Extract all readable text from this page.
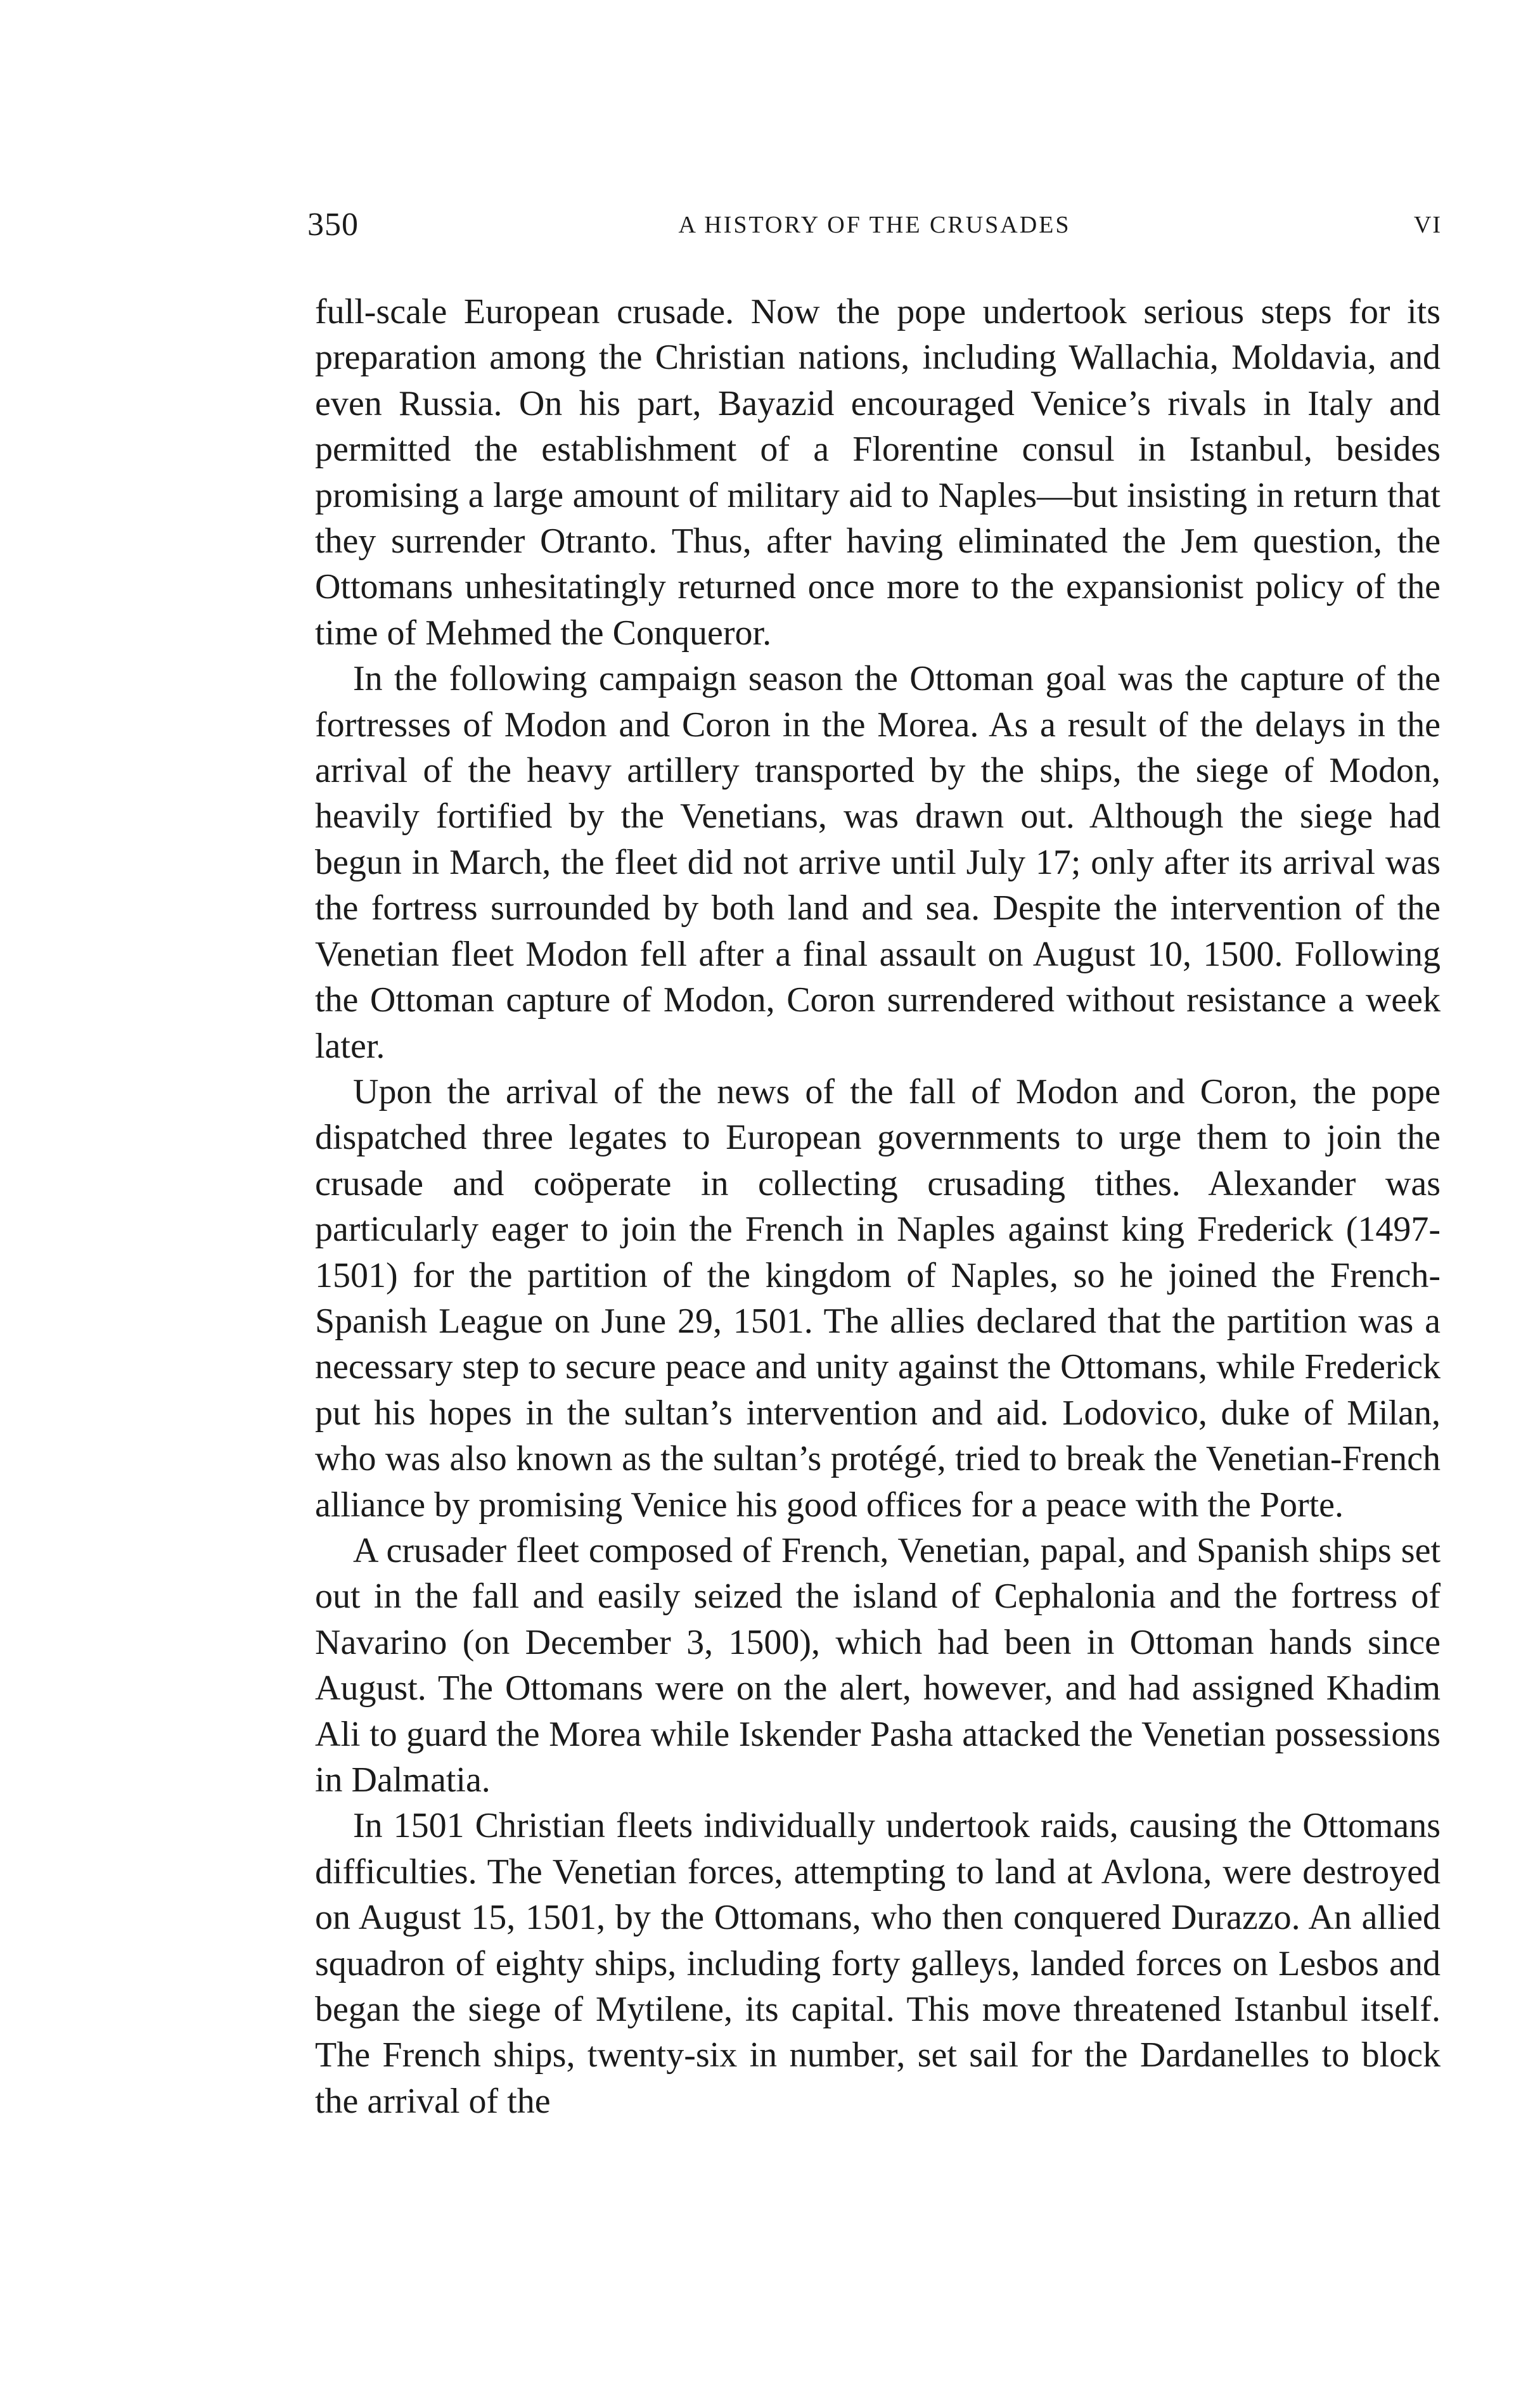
350	A HISTORY OF THE CRUSADES	VI

full-scale European crusade. Now the pope undertook serious steps for its preparation among the Christian nations, including Wallachia, Moldavia, and even Russia. On his part, Bayazid encouraged Venice’s rivals in Italy and permitted the establishment of a Florentine consul in Istanbul, besides promising a large amount of military aid to Naples—but insisting in return that they surrender Otranto. Thus, after having eliminated the Jem question, the Ottomans unhesitatingly returned once more to the expansionist policy of the time of Mehmed the Conqueror.

In the following campaign season the Ottoman goal was the capture of the fortresses of Modon and Coron in the Morea. As a result of the delays in the arrival of the heavy artillery transported by the ships, the siege of Modon, heavily fortified by the Venetians, was drawn out. Although the siege had begun in March, the fleet did not arrive until July 17; only after its arrival was the fortress surrounded by both land and sea. Despite the intervention of the Venetian fleet Modon fell after a final assault on August 10, 1500. Following the Ottoman capture of Modon, Coron surrendered without resistance a week later.

Upon the arrival of the news of the fall of Modon and Coron, the pope dispatched three legates to European governments to urge them to join the crusade and coöperate in collecting crusading tithes. Alexander was particularly eager to join the French in Naples against king Frederick (1497-1501) for the partition of the kingdom of Naples, so he joined the French-Spanish League on June 29, 1501. The allies declared that the partition was a necessary step to secure peace and unity against the Ottomans, while Frederick put his hopes in the sultan’s intervention and aid. Lodovico, duke of Milan, who was also known as the sultan’s protégé, tried to break the Venetian-French alliance by promising Venice his good offices for a peace with the Porte.

A crusader fleet composed of French, Venetian, papal, and Spanish ships set out in the fall and easily seized the island of Cephalonia and the fortress of Navarino (on December 3, 1500), which had been in Ottoman hands since August. The Ottomans were on the alert, however, and had assigned Khadim Ali to guard the Morea while Iskender Pasha attacked the Venetian possessions in Dalmatia.

In 1501 Christian fleets individually undertook raids, causing the Ottomans difficulties. The Venetian forces, attempting to land at Avlona, were destroyed on August 15, 1501, by the Ottomans, who then conquered Durazzo. An allied squadron of eighty ships, including forty galleys, landed forces on Lesbos and began the siege of Mytilene, its capital. This move threatened Istanbul itself. The French ships, twenty-six in number, set sail for the Dardanelles to block the arrival of the
